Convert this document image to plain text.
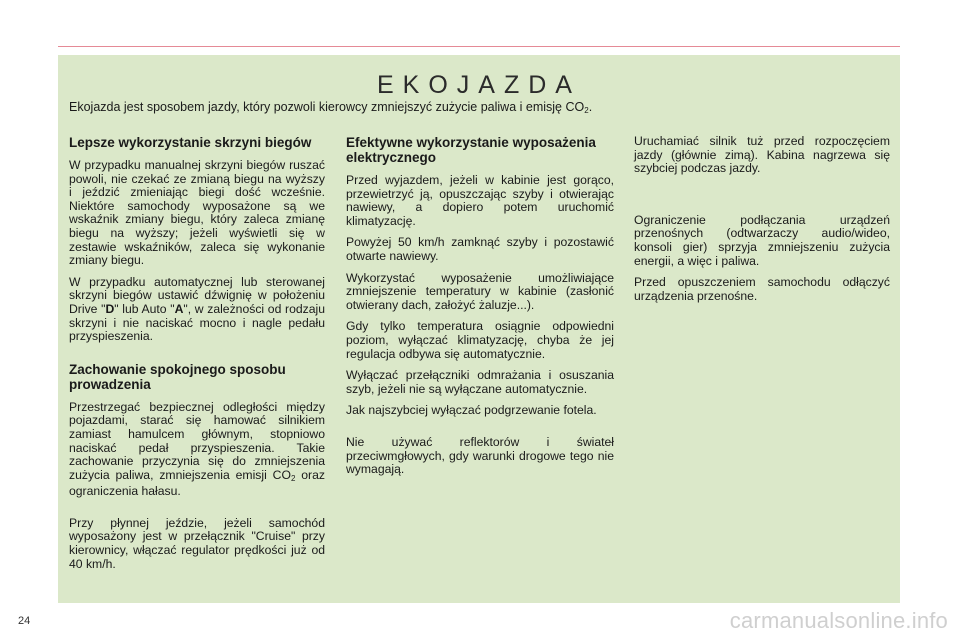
EKOJAZDA

Ekojazda jest sposobem jazdy, który pozwoli kierowcy zmniejszyć zużycie paliwa i emisję $CO_2$.

Lepsze wykorzystanie skrzyni biegów

W przypadku manualnej skrzyni biegów ruszać powoli, nie czekać ze zmianą biegu na wyższy i jeździć zmieniając biegi dość wcześnie. Niektóre samochody wyposażone są we wskaźnik zmiany biegu, który zaleca zmianę biegu na wyższy; jeżeli wyświetli się w zestawie wskaźników, zaleca się wykonanie zmiany biegu.

W przypadku automatycznej lub sterowanej skrzyni biegów ustawić dźwignię w położeniu Drive "D" lub Auto "A", w zależności od rodzaju skrzyni i nie naciskać mocno i nagle pedału przyspieszenia.

Zachowanie spokojnego sposobu prowadzenia

Przestrzegać bezpiecznej odległości między pojazdami, starać się hamować silnikiem zamiast hamulcem głównym, stopniowo naciskać pedał przyspieszenia. Takie zachowanie przyczynia się do zmniejszenia zużycia paliwa, zmniejszenia emisji $CO_2$ oraz ograniczenia hałasu.

Przy płynnej jeździe, jeżeli samochód wyposażony jest w przełącznik "Cruise" przy kierownicy, włączać regulator prędkości już od 40 km/h.

Efektywne wykorzystanie wyposażenia elektrycznego

Przed wyjazdem, jeżeli w kabinie jest gorąco, przewietrzyć ją, opuszczając szyby i otwierając nawiewy, a dopiero potem uruchomić klimatyzację.

Powyżej 50 km/h zamknąć szyby i pozostawić otwarte nawiewy.

Wykorzystać wyposażenie umożliwiające zmniejszenie temperatury w kabinie (zasłonić otwierany dach, założyć żaluzje...).

Gdy tylko temperatura osiągnie odpowiedni poziom, wyłączać klimatyzację, chyba że jej regulacja odbywa się automatycznie.

Wyłączać przełączniki odmrażania i osuszania szyb, jeżeli nie są wyłączane automatycznie.

Jak najszybciej wyłączać podgrzewanie fotela.

Nie używać reflektorów i świateł przeciwmgłowych, gdy warunki drogowe tego nie wymagają.

Uruchamiać silnik tuż przed rozpoczęciem jazdy (głównie zimą). Kabina nagrzewa się szybciej podczas jazdy.

Ograniczenie podłączania urządzeń przenośnych (odtwarzaczy audio/wideo, konsoli gier) sprzyja zmniejszeniu zużycia energii, a więc i paliwa.

Przed opuszczeniem samochodu odłączyć urządzenia przenośne.

24	carmanualsonline.info
